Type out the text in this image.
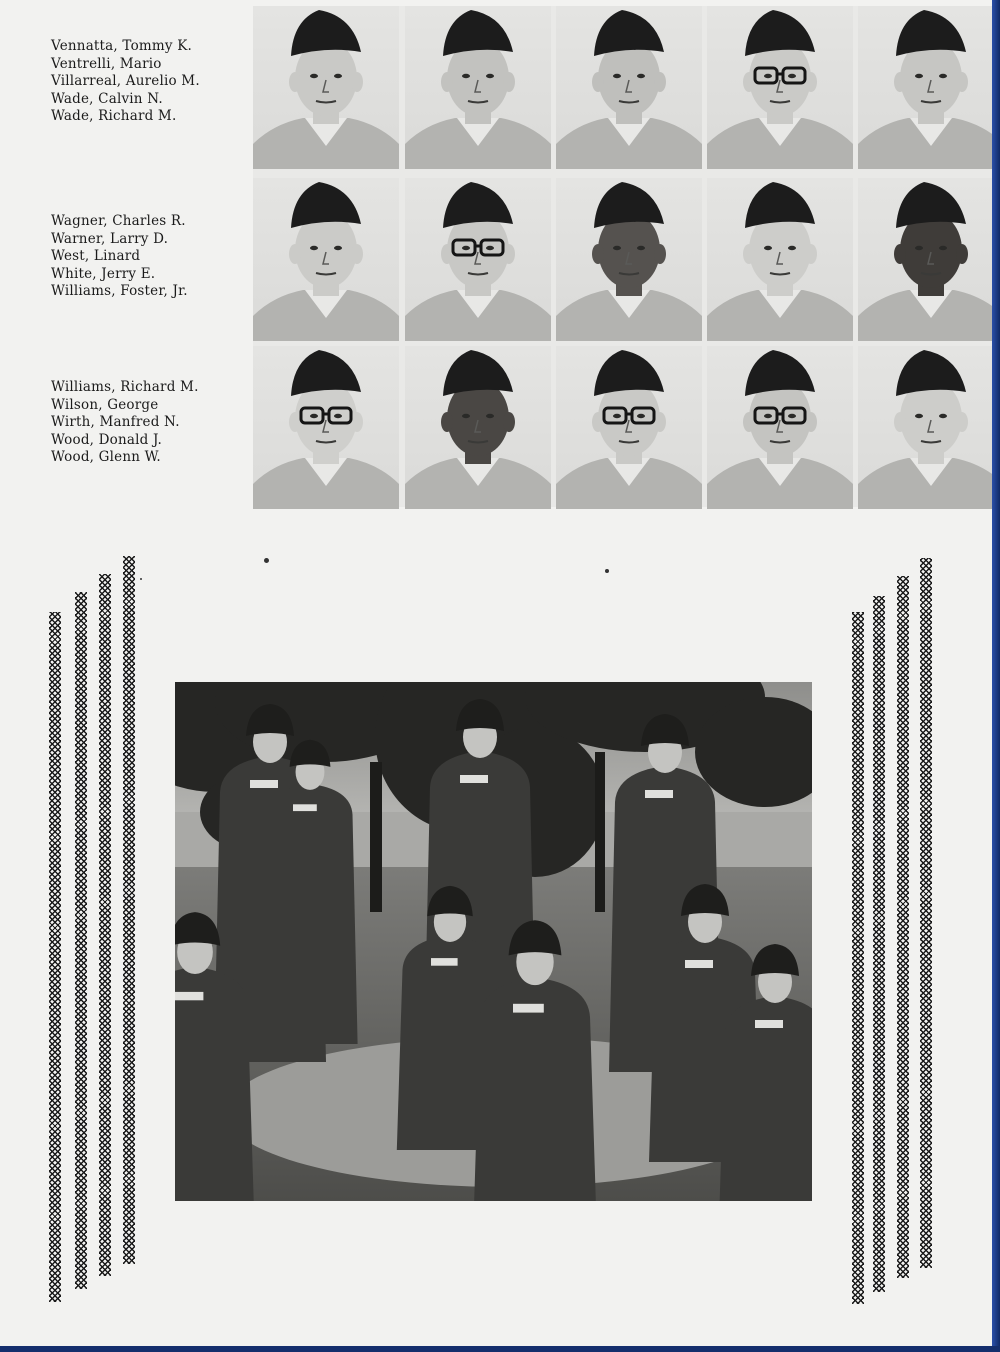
Vennatta, Tommy K.
Ventrelli, Mario
Villarreal, Aurelio M.
Wade, Calvin N.
Wade, Richard M.
Wagner, Charles R.
Warner, Larry D.
West, Linard
White, Jerry E.
Williams, Foster, Jr.
Williams, Richard M.
Wilson, George
Wirth, Manfred N.
Wood, Donald J.
Wood, Glenn W.
